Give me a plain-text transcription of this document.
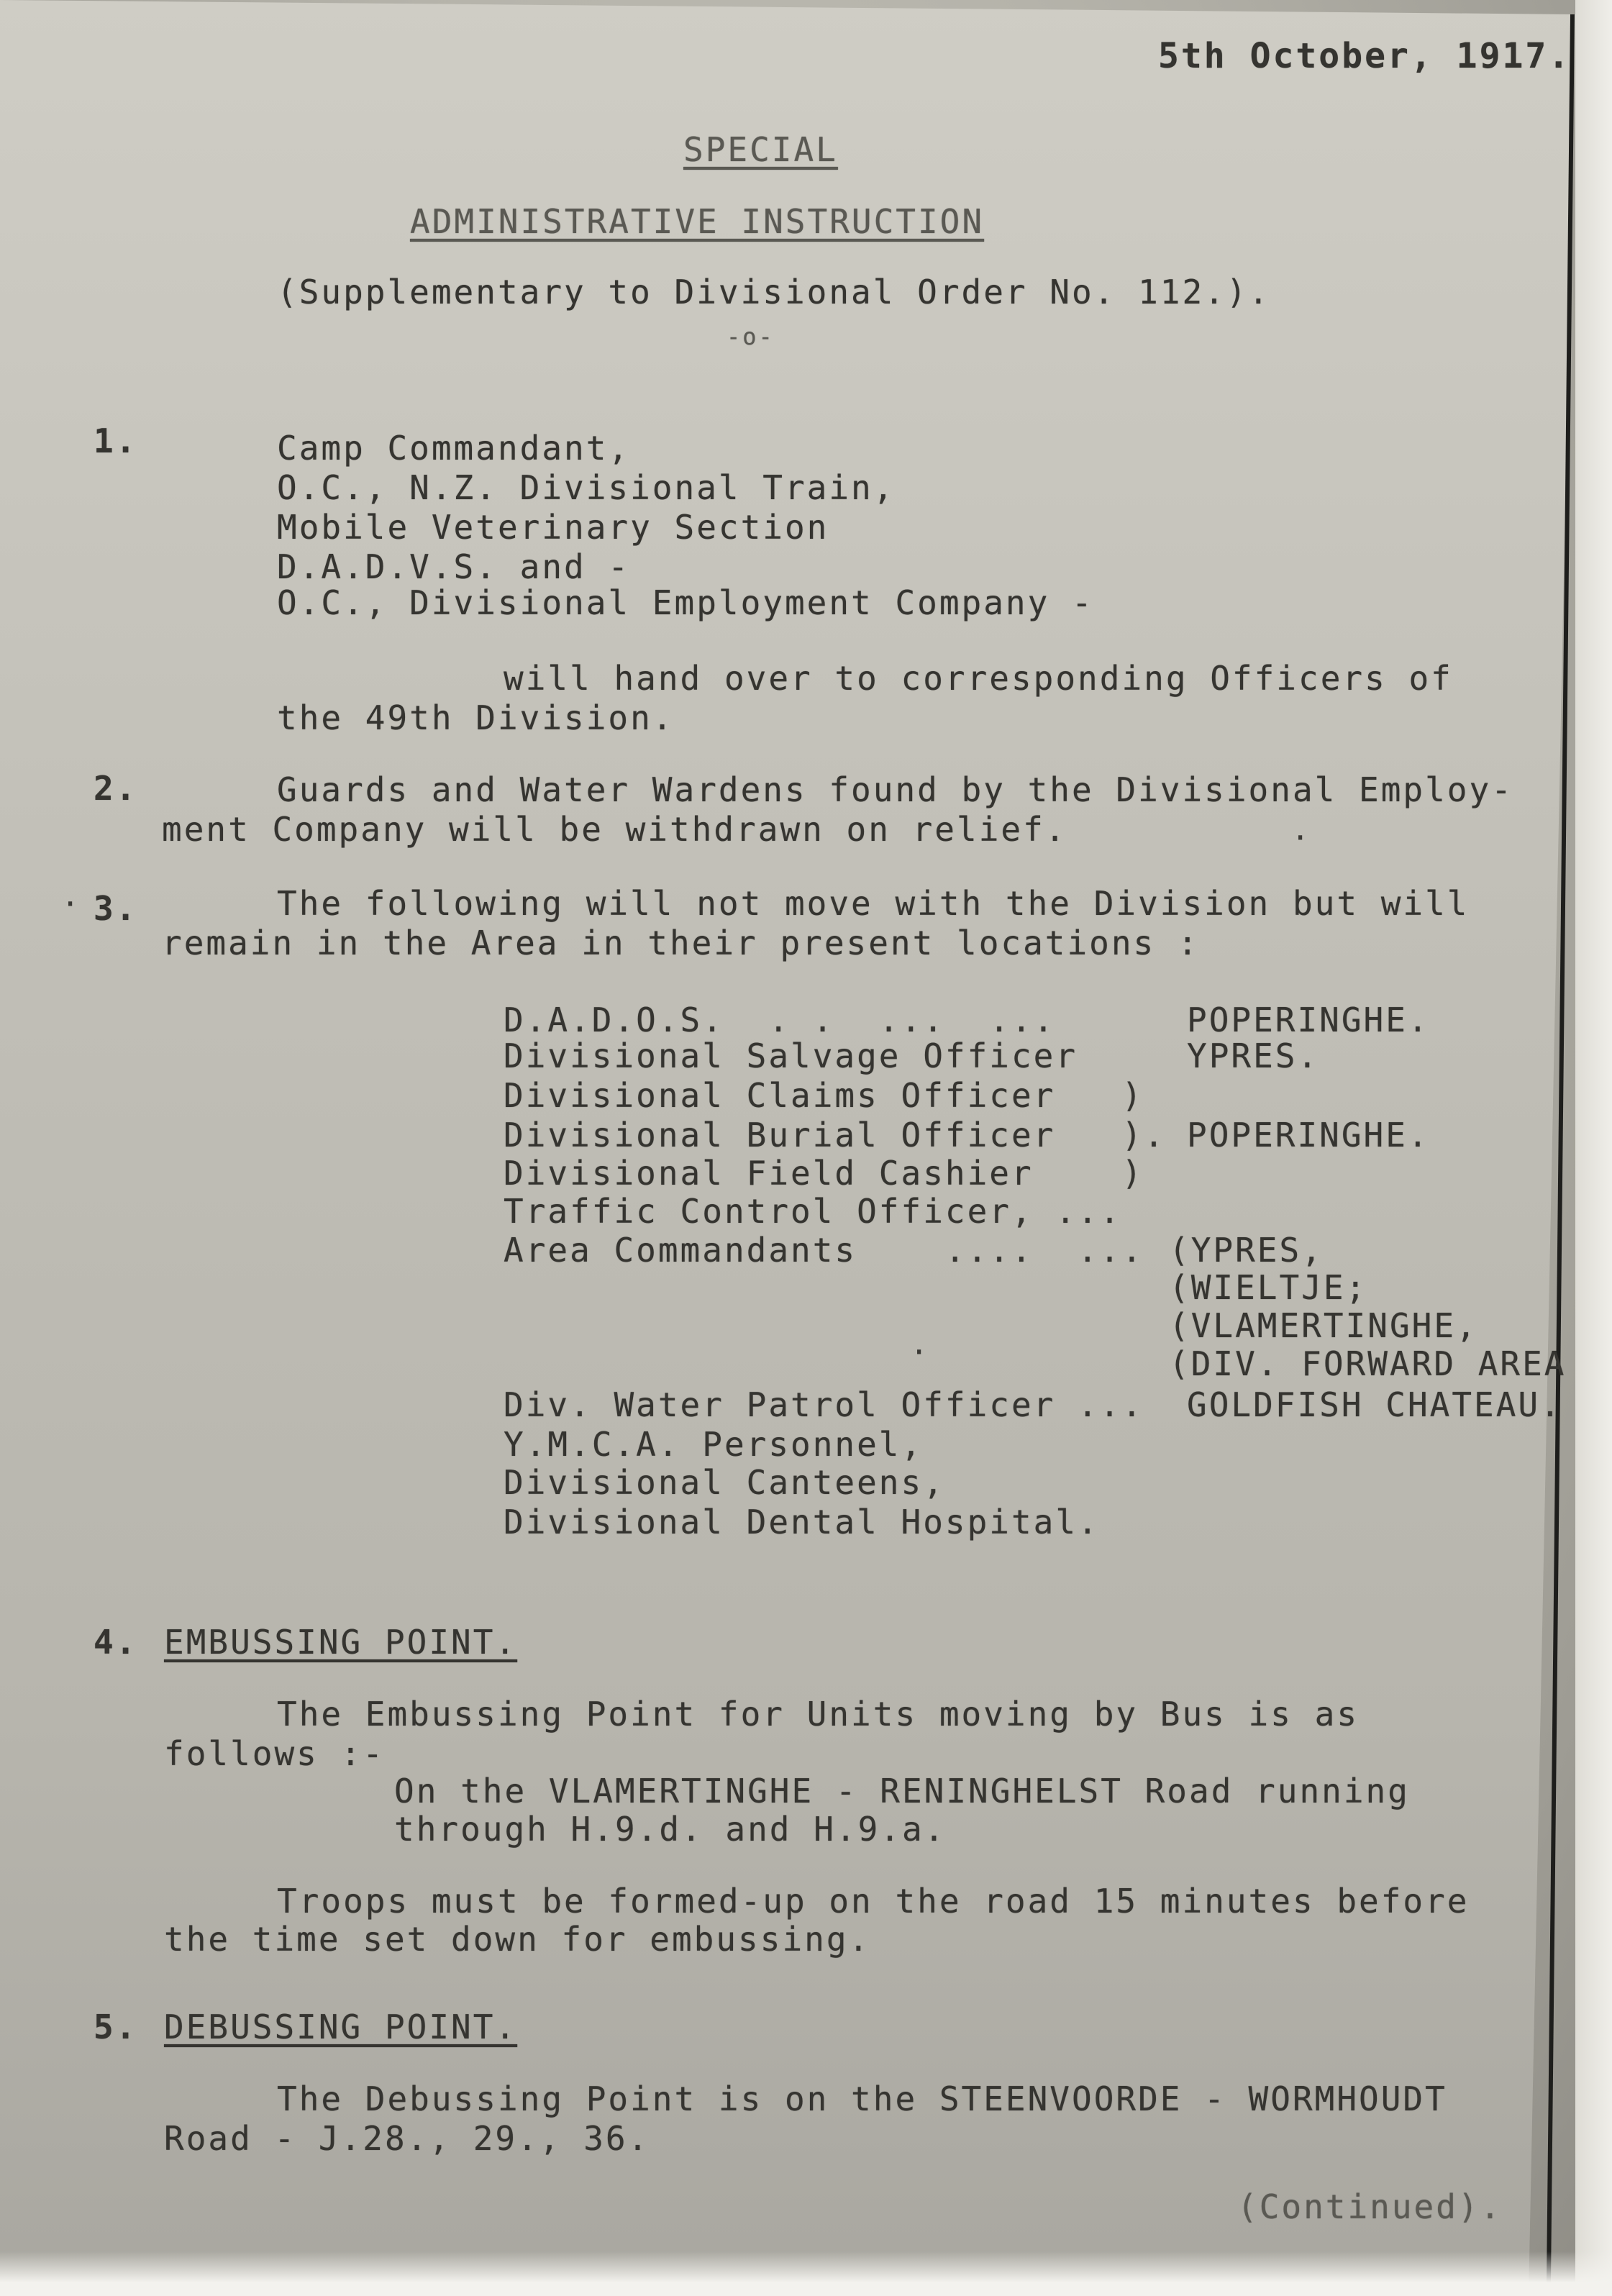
5th October, 1917.
SPECIAL
ADMINISTRATIVE INSTRUCTION
(Supplementary to Divisional Order No. 112.).
-o-
1.	Camp Commandant,
O.C., N.Z. Divisional Train,
Mobile Veterinary Section
D.A.D.V.S. and -
O.C., Divisional Employment Company -
will hand over to corresponding Officers of
the 49th Division.
2.	Guards and Water Wardens found by the Divisional Employ-
ment Company will be withdrawn on relief.
3.	The following will not move with the Division but will
remain in the Area in their present locations :
D.A.D.O.S.  . .  ...  ...	POPERINGHE.
Divisional Salvage Officer	YPRES.
Divisional Claims Officer   )
Divisional Burial Officer   ). POPERINGHE.
Divisional Field Cashier    )
Traffic Control Officer, ...
Area Commandants    ....  ... (YPRES,
(WIELTJE;
(VLAMERTINGHE,
(DIV. FORWARD AREA
Div. Water Patrol Officer ... GOLDFISH CHATEAU.
Y.M.C.A. Personnel,
Divisional Canteens,
Divisional Dental Hospital.
4. EMBUSSING POINT.
The Embussing Point for Units moving by Bus is as
follows :-
On the VLAMERTINGHE - RENINGHELST Road running
through H.9.d. and H.9.a.
Troops must be formed-up on the road 15 minutes before
the time set down for embussing.
5. DEBUSSING POINT.
The Debussing Point is on the STEENVOORDE - WORMHOUDT
Road - J.28., 29., 36.
(Continued).
·
·
·
